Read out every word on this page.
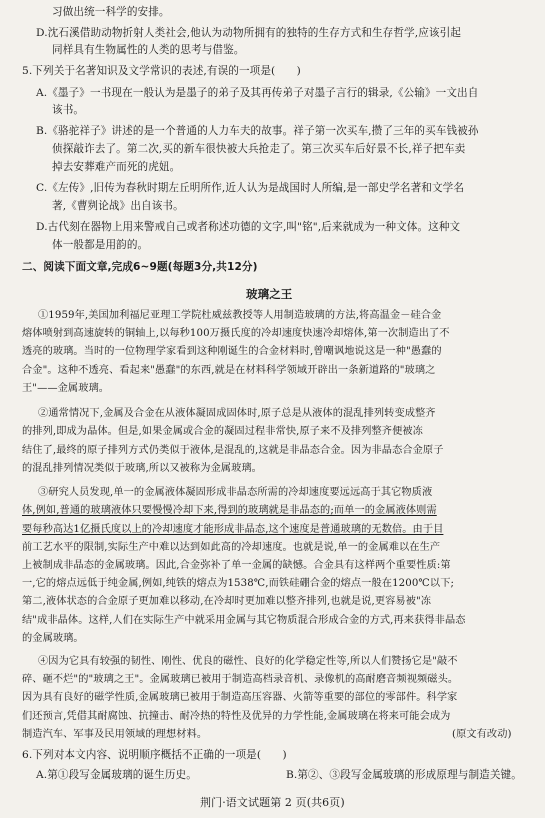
习做出统一科学的安排。
D.沈石溪借助动物折射人类社会,他认为动物所拥有的独特的生存方式和生存哲学,应该引起
同样具有生物属性的人类的思考与借鉴。
5.下列关于名著知识及文学常识的表述,有误的一项是(　　)
A.《墨子》一书现在一般认为是墨子的弟子及其再传弟子对墨子言行的辑录,《公输》一文出自
该书。
B.《骆驼祥子》讲述的是一个普通的人力车夫的故事。祥子第一次买车,攒了三年的买车钱被孙
侦探敲诈去了。第二次,买的新车很快被大兵抢走了。第三次买车后好景不长,祥子把车卖
掉去安葬难产而死的虎妞。
C.《左传》,旧传为春秋时期左丘明所作,近人认为是战国时人所编,是一部史学名著和文学名
著,《曹刿论战》出自该书。
D.古代刻在器物上用来警戒自己或者称述功德的文字,叫"铭",后来就成为一种文体。这种文
体一般都是用韵的。
二、阅读下面文章,完成6~9题(每题3分,共12分)
玻璃之王
①1959年,美国加利福尼亚理工学院杜威兹教授等人用制造玻璃的方法,将高温金－硅合金
熔体喷射到高速旋转的铜轴上,以每秒100万摄氏度的冷却速度快速冷却熔体,第一次制造出了不
透亮的玻璃。当时的一位物理学家看到这种刚诞生的合金材料时,曾嘲讽地说这是一种"愚蠢的
合金"。这种不透亮、看起来"愚蠢"的东西,就是在材料科学领域开辟出一条新道路的"玻璃之
王"——金属玻璃。
②通常情况下,金属及合金在从液体凝固成固体时,原子总是从液体的混乱排列转变成整齐
的排列,即成为晶体。但是,如果金属或合金的凝固过程非常快,原子来不及排列整齐便被冻
结住了,最终的原子排列方式仍类似于液体,是混乱的,这就是非晶态合金。因为非晶态合金原子
的混乱排列情况类似于玻璃,所以又被称为金属玻璃。
③研究人员发现,单一的金属液体凝固形成非晶态所需的冷却速度要远远高于其它物质液
体,例如,普通的玻璃液体只要慢慢冷却下来,得到的玻璃就是非晶态的;而单一的金属液体则需
要每秒高达1亿摄氏度以上的冷却速度才能形成非晶态,这个速度是普通玻璃的无数倍。由于目
前工艺水平的限制,实际生产中难以达到如此高的冷却速度。也就是说,单一的金属难以在生产
上被制成非晶态的金属玻璃。因此,合金弥补了单一金属的缺憾。合金具有这样两个重要性质:第
一,它的熔点远低于纯金属,例如,纯铁的熔点为1538℃,而铁硅硼合金的熔点一般在1200℃以下;
第二,液体状态的合金原子更加难以移动,在冷却时更加难以整齐排列,也就是说,更容易被"冻
结"成非晶体。这样,人们在实际生产中就采用金属与其它物质混合形成合金的方式,再来获得非晶态
的金属玻璃。
④因为它具有较强的韧性、刚性、优良的磁性、良好的化学稳定性等,所以人们赞扬它是"敲不
碎、砸不烂"的"玻璃之王"。金属玻璃已被用于制造高档录音机、录像机的高耐磨音频视频磁头。
因为具有良好的磁学性质,金属玻璃已被用于制造高压容器、火箭等重要的部位的零部件。科学家
们还预言,凭借其耐腐蚀、抗撞击、耐冷热的特性及优异的力学性能,金属玻璃在将来可能会成为
制造汽车、军事及民用领域的理想材料。	(原文有改动)
6.下列对本文内容、说明顺序概括不正确的一项是(　　)
A.第①段写金属玻璃的诞生历史。	B.第②、③段写金属玻璃的形成原理与制造关键。
荆门·语文试题第 2 页(共6页)
